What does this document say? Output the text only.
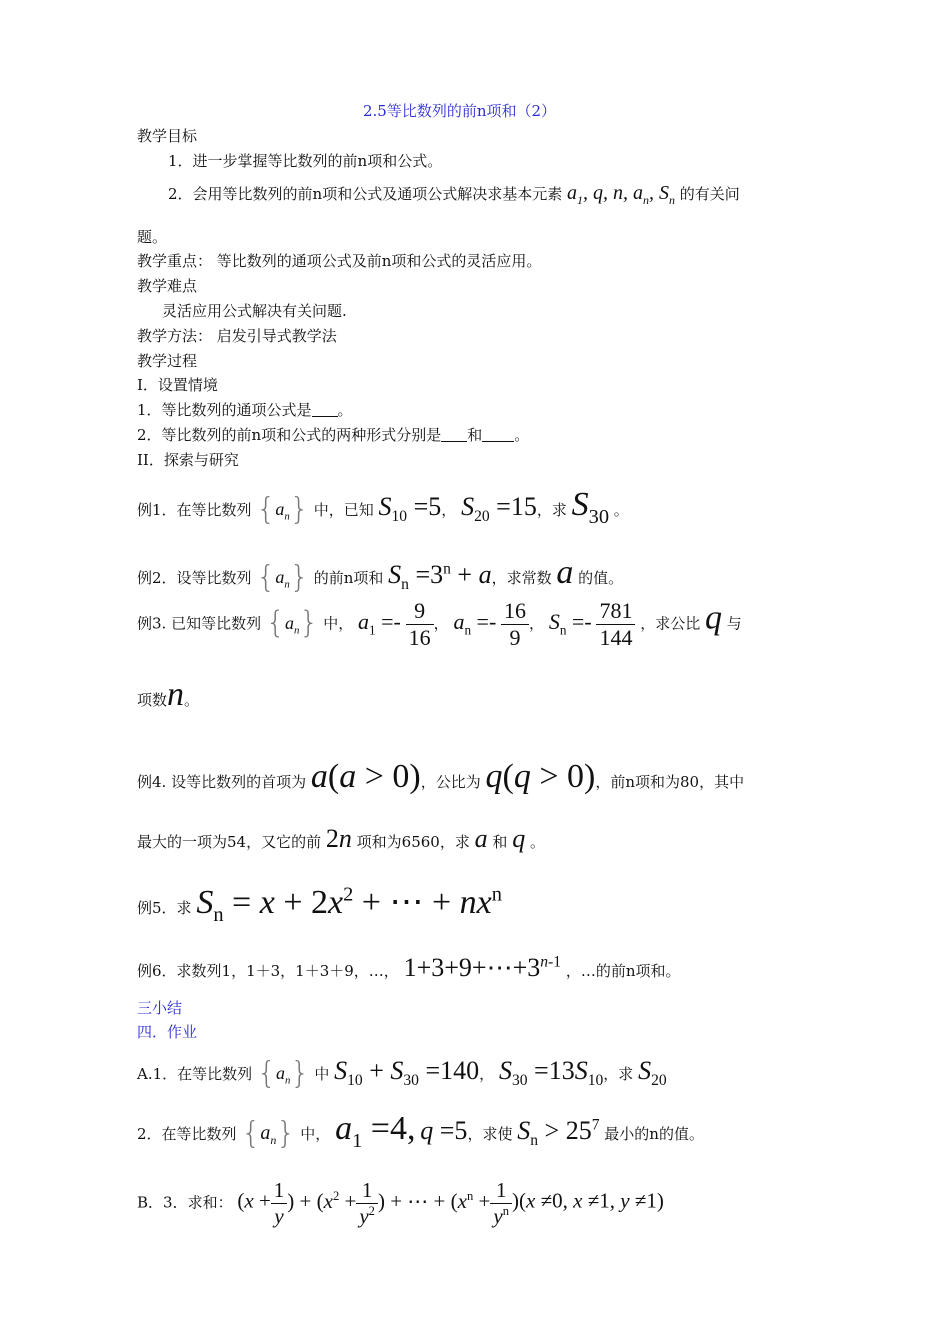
2.5等比数列的前n项和（2）
教学目标
1．进一步掌握等比数列的前n项和公式。
2．会用等比数列的前n项和公式及通项公式解决求基本元素 $a_1$, q, n, $a_n$, $S_n$ 的有关问
题。
教学重点： 等比数列的通项公式及前n项和公式的灵活应用。
教学难点
灵活应用公式解决有关问题.
教学方法： 启发引导式教学法
教学过程
I．设置情境
1．等比数列的通项公式是 。
2．等比数列的前n项和公式的两种形式分别是 和 。
II．探索与研究
例1．在等比数列 $\{a_n\}$ 中，已知 $S_{10} =5$， $S_{20} =15$，求 $S_{30}$ 。
例2．设等比数列 $\{a_n\}$ 的前n项和 $S_n =3^n + a$，求常数 a 的值。
例3. 已知等比数列 $\{a_n\}$ 中， $a_1 =- \frac{9}{16}$ ， $a_n =- \frac{16}{9}$ ， $S_n =- \frac{781}{144}$ ，求公比 q 与
项数n。
例4. 设等比数列的首项为 a(a > 0)，公比为 q(q > 0)，前n项和为80，其中
最大的一项为54，又它的前 2n 项和为6560，求 a 和 q 。
例5．求 $S_n = x + 2x^2$ + ⋯ + $nx^n$
例6．求数列1，1＋3，1＋3＋9，…， $1+3+9+\cdots+3^{n-1}$ ，…的前n项和。
三小结
四．作业
A.1．在等比数列 $\{a_n\}$ 中 $S_{10} + S_{30} =140$， $S_{30} =13S_{10}$，求 $S_{20}$
2．在等比数列 $\{a_n\}$ 中， $a_1 =4$, q =5，求使 $S_n > 25^7$ 最小的n的值。
B．3．求和： ($x + \frac{1}{y}$ ) + ($x^2 + \frac{1}{y^2}$ ) + ⋯ + $(x^n + \frac{1}{y^n} )(x \ne 0$, x ≠1, y ≠1)
